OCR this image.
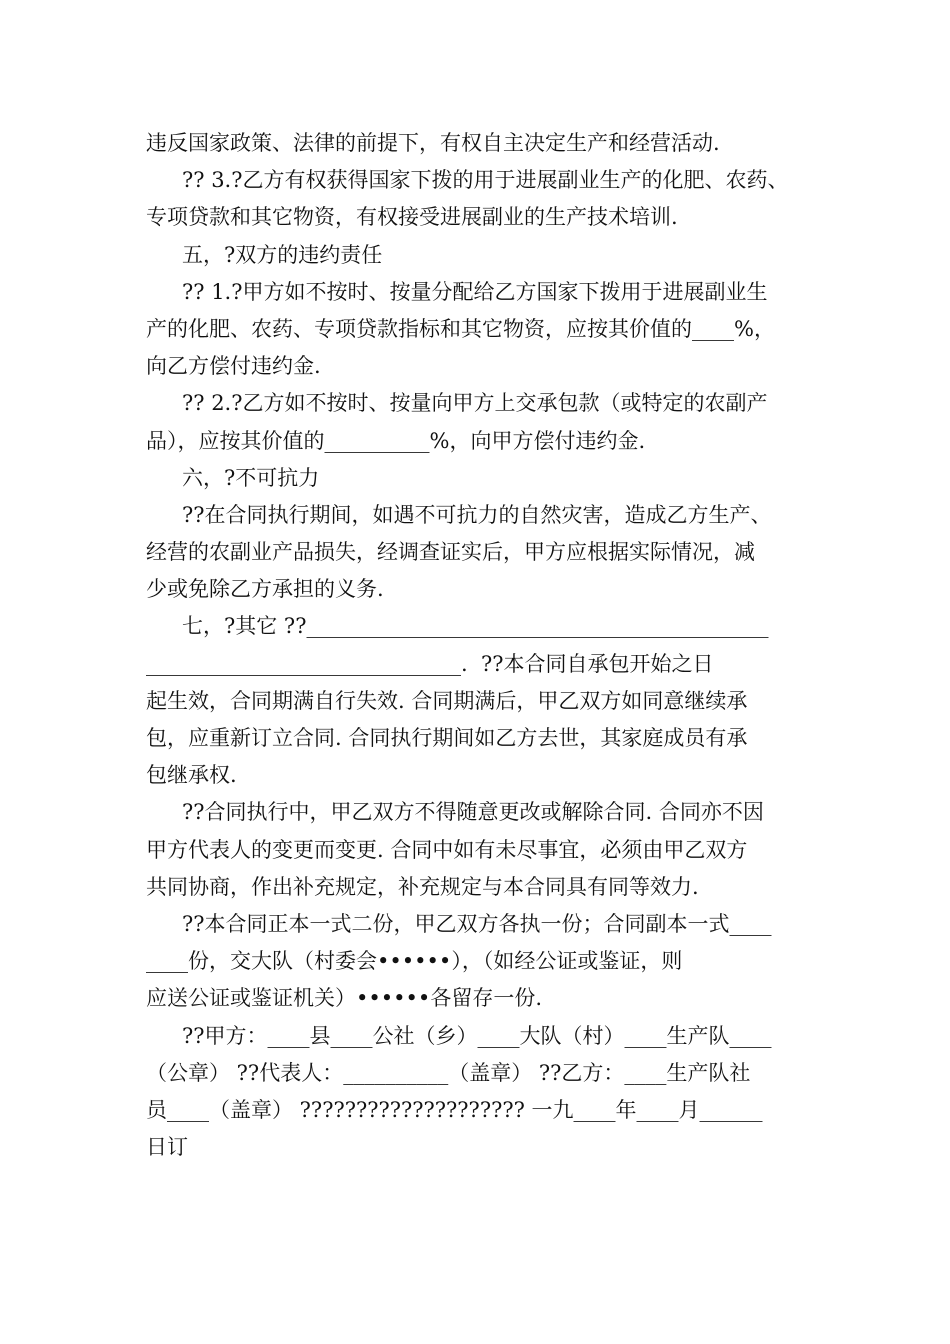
违反国家政策、法律的前提下，有权自主决定生产和经营活动.
?? 3.?乙方有权获得国家下拨的用于进展副业生产的化肥、农药、
专项贷款和其它物资，有权接受进展副业的生产技术培训.
五，?双方的违约责任
?? 1.?甲方如不按时、按量分配给乙方国家下拨用于进展副业生
产的化肥、农药、专项贷款指标和其它物资，应按其价值的____%，
向乙方偿付违约金.
?? 2.?乙方如不按时、按量向甲方上交承包款（或特定的农副产
品），应按其价值的__________%，向甲方偿付违约金.
六，?不可抗力
??在合同执行期间，如遇不可抗力的自然灾害，造成乙方生产、
经营的农副业产品损失，经调查证实后，甲方应根据实际情况，减
少或免除乙方承担的义务.
七，?其它 ??____________________________________________
______________________________.  ??本合同自承包开始之日
起生效，合同期满自行失效. 合同期满后，甲乙双方如同意继续承
包，应重新订立合同. 合同执行期间如乙方去世，其家庭成员有承
包继承权.
??合同执行中，甲乙双方不得随意更改或解除合同. 合同亦不因
甲方代表人的变更而变更. 合同中如有未尽事宜，必须由甲乙双方
共同协商，作出补充规定，补充规定与本合同具有同等效力.
??本合同正本一式二份，甲乙双方各执一份；合同副本一式____
____份，交大队（村委会••••••），（如经公证或鉴证，则
应送公证或鉴证机关）••••••各留存一份.
??甲方：____县____公社（乡）____大队（村）____生产队____
（公章） ??代表人：__________（盖章） ??乙方：____生产队社
员____（盖章） ???????????????????? 一九____年____月______
日订
